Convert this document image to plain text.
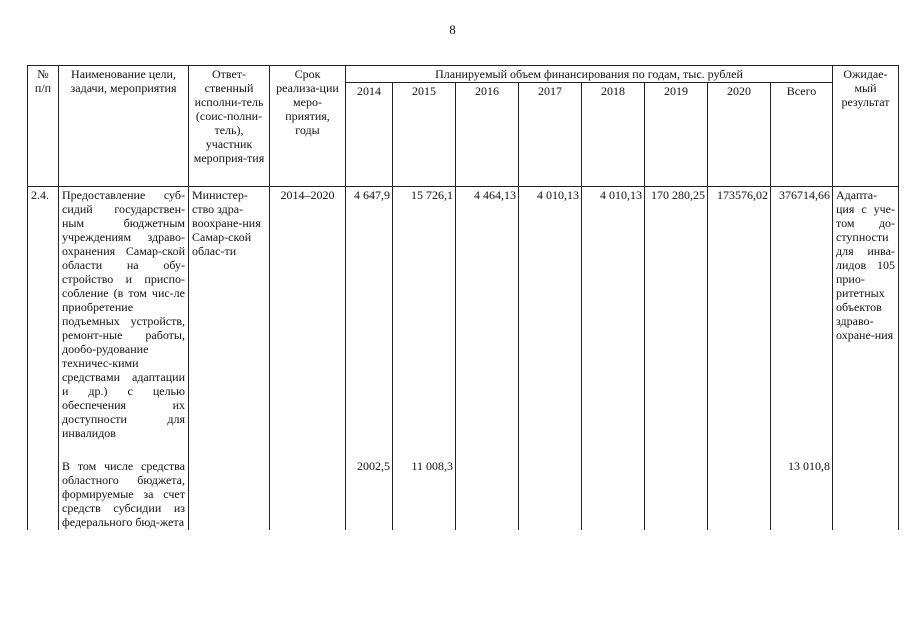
8
№ п/п	Наименование цели, задачи, мероприятия	Ответ-ственный исполни-тель (соис-полни-тель), участник мероприя-тия	Срок реализа-ции меро-приятия, годы	Планируемый объем финансирования по годам, тыс. рублей								Ожидае-мый результат
				2014	2015	2016	2017	2018	2019	2020	Всего	
2.4.	Предоставление суб-сидий государствен-ным бюджетным учреждениям здраво-охранения Самар-ской области на обу-стройство и приспо-собление (в том чис-ле приобретение подъемных устройств, ремонт-ные работы, дообо-рудование техничес-кими средствами адаптации и др.) с целью обеспечения их доступности для инвалидов	Министер-ство здра-воохране-ния Самар-ской облас-ти	2014–2020	4 647,9	15 726,1	4 464,13	4 010,13	4 010,13	170 280,25	173576,02	376714,66	Адапта-ция с уче-том до-ступности для инва-лидов 105 прио-ритетных объектов здраво-охране-ния
	В том числе средства областного бюджета, формируемые за счет средств субсидии из федерального бюд-жета			2002,5	11 008,3						13 010,8	
